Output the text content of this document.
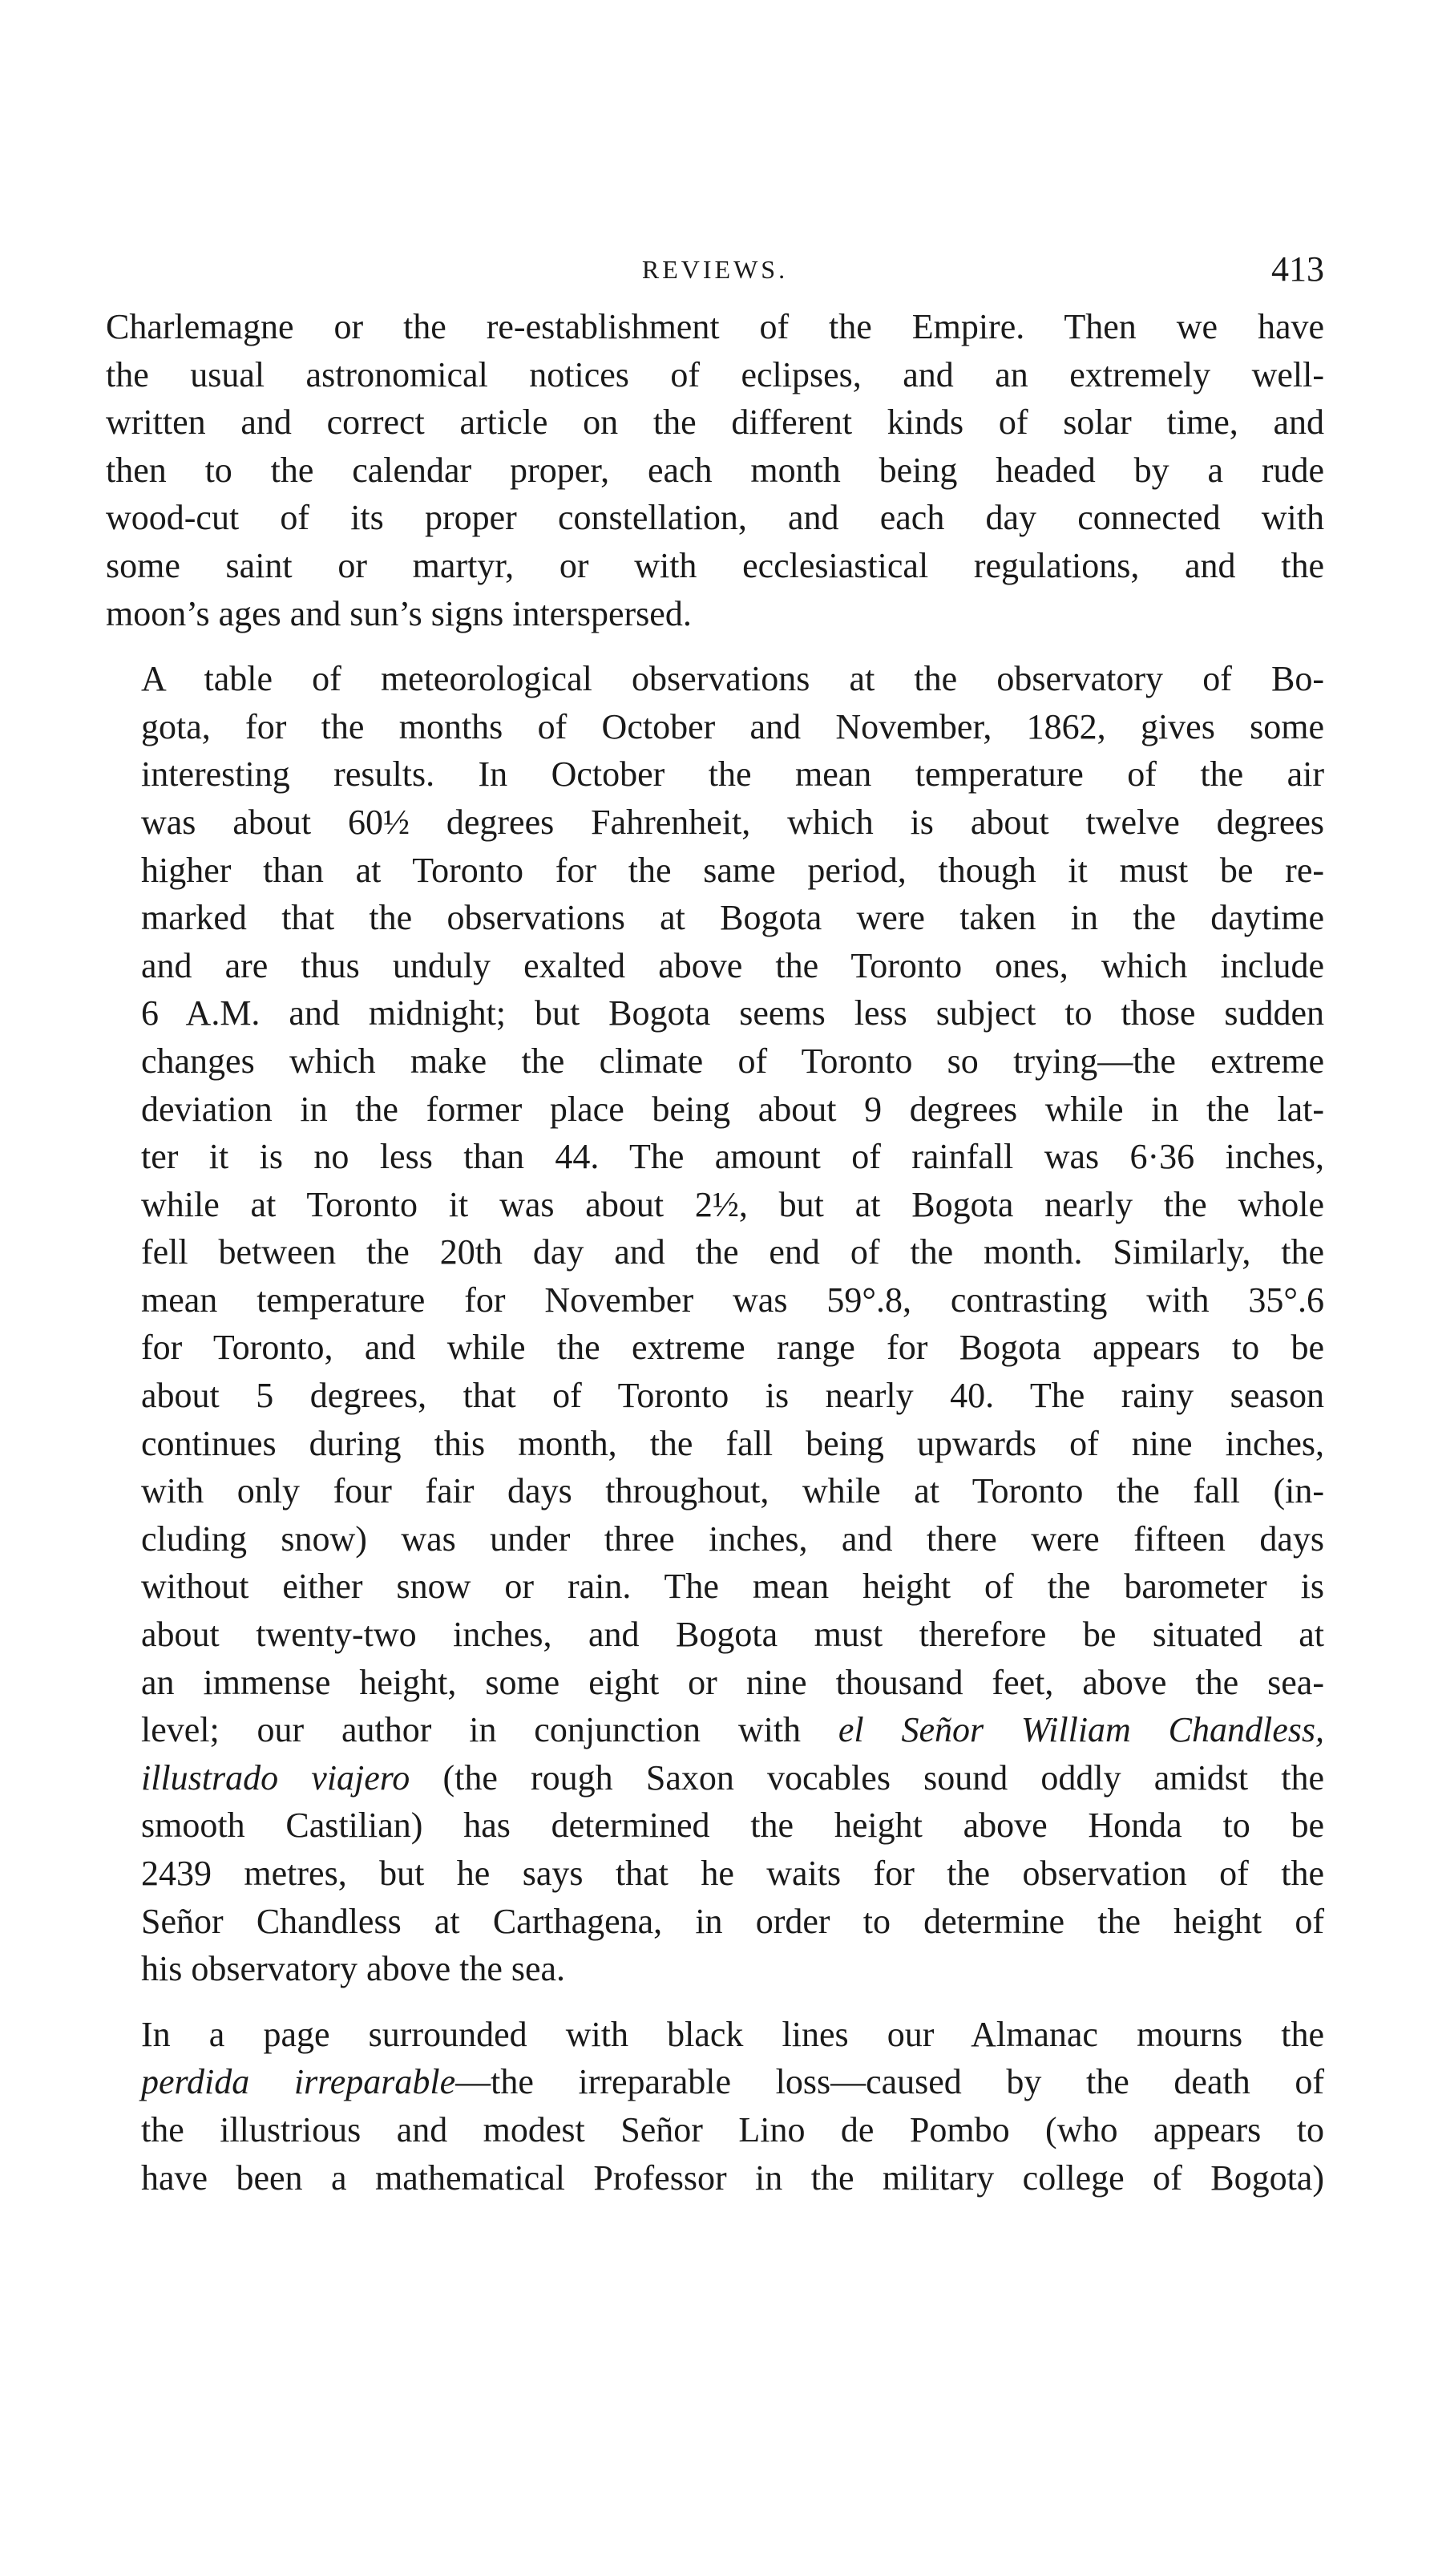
REVIEWS.	413

Charlemagne or the re-establishment of the Empire. Then we have
the usual astronomical notices of eclipses, and an extremely well-
written and correct article on the different kinds of solar time, and
then to the calendar proper, each month being headed by a rude
wood-cut of its proper constellation, and each day connected with
some saint or martyr, or with ecclesiastical regulations, and the
moon’s ages and sun’s signs interspersed.

A table of meteorological observations at the observatory of Bo-
gota, for the months of October and November, 1862, gives some
interesting results. In October the mean temperature of the air
was about 60½ degrees Fahrenheit, which is about twelve degrees
higher than at Toronto for the same period, though it must be re-
marked that the observations at Bogota were taken in the daytime
and are thus unduly exalted above the Toronto ones, which include
6 A.M. and midnight; but Bogota seems less subject to those sudden
changes which make the climate of Toronto so trying—the extreme
deviation in the former place being about 9 degrees while in the lat-
ter it is no less than 44. The amount of rainfall was 6·36 inches,
while at Toronto it was about 2½, but at Bogota nearly the whole
fell between the 20th day and the end of the month. Similarly, the
mean temperature for November was 59°.8, contrasting with 35°.6
for Toronto, and while the extreme range for Bogota appears to be
about 5 degrees, that of Toronto is nearly 40. The rainy season
continues during this month, the fall being upwards of nine inches,
with only four fair days throughout, while at Toronto the fall (in-
cluding snow) was under three inches, and there were fifteen days
without either snow or rain. The mean height of the barometer is
about twenty-two inches, and Bogota must therefore be situated at
an immense height, some eight or nine thousand feet, above the sea-
level; our author in conjunction with el Señor William Chandless,
illustrado viajero (the rough Saxon vocables sound oddly amidst the
smooth Castilian) has determined the height above Honda to be
2439 metres, but he says that he waits for the observation of the
Señor Chandless at Carthagena, in order to determine the height of
his observatory above the sea.

In a page surrounded with black lines our Almanac mourns the
perdida irreparable—the irreparable loss—caused by the death of
the illustrious and modest Señor Lino de Pombo (who appears to
have been a mathematical Professor in the military college of Bogota)
